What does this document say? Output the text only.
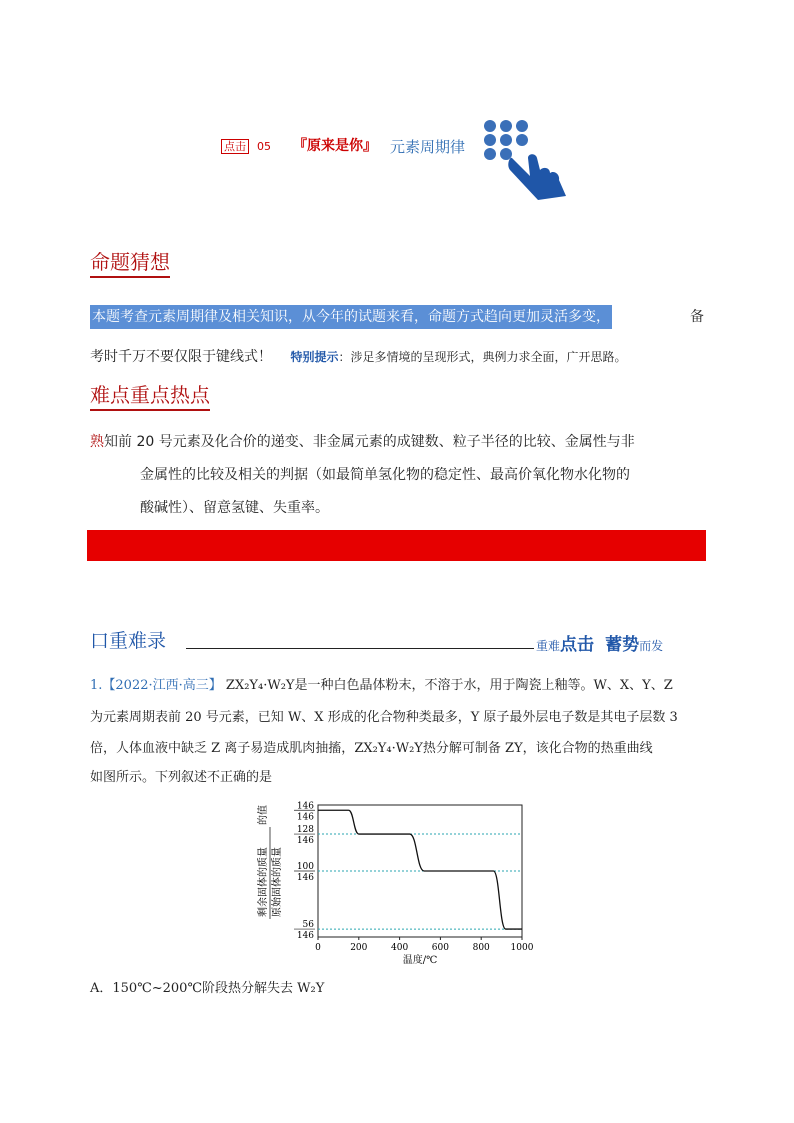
点击 05 『原来是你』 元素周期律
命题猜想
本题考查元素周期律及相关知识，从今年的试题来看，命题方式趋向更加灵活多变，	备
考时千万不要仅限于键线式！ 特别提示：涉足多情境的呈现形式，典例力求全面，广开思路。
难点重点热点
熟知前 20 号元素及化合价的递变、非金属元素的成键数、粒子半径的比较、金属性与非
金属性的比较及相关的判据（如最简单氢化物的稳定性、最高价氧化物水化物的
酸碱性）、留意氢键、失重率。
口重难录	重难点击 蓄势而发
1.【2022·江西·高三】 ZX₂Y₄·W₂Y是一种白色晶体粉末，不溶于水，用于陶瓷上釉等。W、X、Y、Z
为元素周期表前 20 号元素，已知 W、X 形成的化合物种类最多，Y 原子最外层电子数是其电子层数 3
倍，人体血液中缺乏 Z 离子易造成肌肉抽搐，ZX₂Y₄·W₂Y热分解可制备 ZY，该化合物的热重曲线
如图所示。下列叙述不正确的是
剩余固体的质量 原始固体的质量
的值	146
146
128
146
100
146
56
146
0	200	400	600	800 1000
温度/℃
A．150℃~200℃阶段热分解失去 W₂Y
